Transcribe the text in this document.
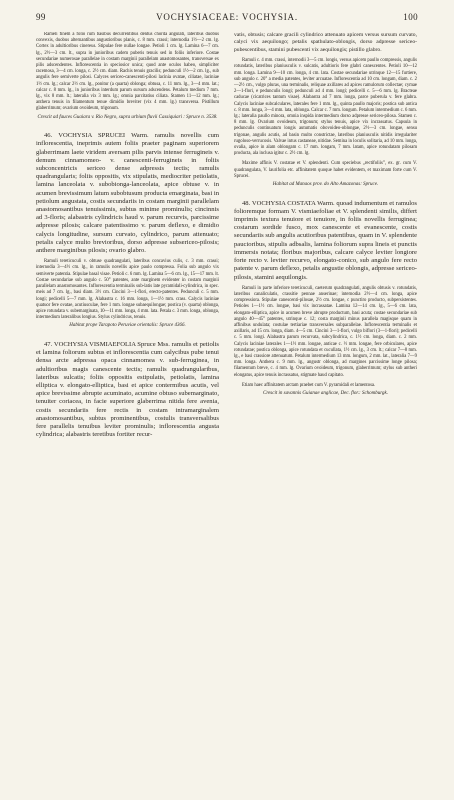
99	VOCHYSIACEAE: VOCHYSIA.	100

Rameli finem a folio rum basibus decurrentibus dentus chorda angulati, lateribus duobus convexis, duobus alternantibus angustioribus planis, c. 8 mm. crassi; internodia 1½—2 cm. lg. Cortex in adultioribus cinereus. Stipulae fere nullae longae. Petioli 1 cm. lg. Lamina 6—7 cm. lg., 2½—3 cm. lt., supra in junioribus cadem puberis tenuis sed in foliis inferiore. Costae secundariae numerosae parallelae in costam marginii parallelam anastomosantes, transversae ex pilis adscendentes. Inflorescentia in speciosior unica; quod ante oculos habeo, simpliciter racemosa, 3—4 cm. longa, c. 2½ cm. diam. Rachis tenuis gracilis; pedunculi 1½—2 cm. lg., sub angulis fere semiverte pilosi. Calyces sericeo-canescenti-pilosi lacinia ovatae, ciliatae, laciniae 1½ cm. lg.; calcar 2½ cm. lg., ponitur (a quarta) oblonga; obtusa, c. 11 mm. lg., 3—4 mm. lat.; calcar c. 8 mm. lg., in junioribus interdum parum sursum adscendens. Petalum medium 7 mm. lg., vix 8 mm. lt.; lateralia vix 3 mm. lg.; omnia parcitatius ciliata. Stamen 11—12 mm. lg.; anthera tenuis in filamentum tenue dimidio breviter (vix 4 mm. lg.) transversa. Pistillum glaberrimum; ovarium ovoideum, trigonum.

Crescit ad fauces Guaiara v. Rio Negro, supra urbium fluvii Cassiquiari : Spruce n. 3538.

46. VOCHYSIA SPRUCEI Warm. ramulis novellis cum inflorescentia, ineprimis autem foliis praeter paginam superiorem glaberrimam laete viridem aversam pilis parvis intense ferrugineis v. demum cinnamomeo- v. canescenti-ferrugineis in foliis subconcentricis sericeo dense adpressis tectis; ramulis quadrangularis; foliis oppositis, vix stipulatis, mediocriter petiolatis, lamina lanceolata v. subobionga-lanceolata, apice obtuse v. in acumen brevissimum latum subobtusum producta emarginata, basi in petiolum angustata, costis secundariis in costam marginii parallelam anastomosantibus tenuissimis, subtus minime prominulis; cincinnis ad 3-floris; alabastris cylindricis haud v. parum recurvis, parcissime adpresse pilosis; calcare patentissimo v. parum deflexo, e dimidio calycis longitudine, sursum curvato, cylindrico, parum attenuato; petalis calyce multo brevioribus, dorso adpresse subsericeo-pilosis; anthere marginibus pilosis; ovario glabro.

Ramuli tereticuculi v. obtuse quadrangulati, lateribus concavius culis, c. 3 mm. crassi; internodia 3—4½ cm. lg., in ramulis novellis apice paulo compressa. Folia sub angulo vix semiverte patentia. Stipulae basal visae. Petioli c. 6 mm. lg. Lamina 5—6 cm. lg., 15—17 mm. lt. Costae secundariae sub angulo c. 50° patentes, ante marginem evidenter in costam marginii parallelam anastomosantes. Inflorescentia terminalis sub-latis late pyramidali-cylindrica, in spec. meis ad 7 cm. lg., basi diam. 3½ cm. Cincini 3—1-flori, erecto-patentes. Pedunculi c. 5 mm. longi; pedicelli 5—7 mm. lg. Alabastra c. 16 mm. longa, 1—1½ mm. crass. Calycis laciniae quatuor fere ovatae, acutiusculae, fere 1 mm. longae subaequilongae; postica (v. quarta) oblonga, apice rotundata v. subemarginata, 10—11 mm. longa, 4 mm. lata. Petala c. 3 mm. longa, oblonga, intermedium lateralibus longius. Stylus cylindricus, tenuis.

Habitat prope Tarapoto Peruviae orientalis: Spruce 4366.

47. VOCHYSIA VISMIAEFOLIA Spruce Mss. ramulis et petiolis et lamina foliorum subtus et inflorescentia cum calycibus pube tenui densa arcte adpressa opaca cinnamomea v. sub-ferruginea, in adultioribus magis canescente tectis; ramulis quadrangularibus, lateribus sulcatis; foliis oppositis estipulatis, petiolatis, lamina elliptica v. elongato-elliptica, basi et apice contermibus acutis, vel apice brevissime abrupte acuminato, acumine obtuso subemarginato, tenuiter coriacea, in facie superiore glaberrima nitida fere avenia, costis secundariis fere rectis in costam intramarginalem anastomosantibus, subtus prominentibus, costulis transversalibus fere parallelis tenuibus leviter prominulis; inflorescentia angusta cylindrica; alabastris teretibus fortiter recur-

vatis, obtusis; calcare gracili cylindrico attenuato apicem versus sursum curvato, calyci vix aequilongo; petalis spathulato-oblongis, dorso adpresse sericeo-pubescentibus, stamini pubescenti vix aequilongis; pistillo glabro.

Ramuli c. 4 mm. crassi, internodii 3—5 cm. longis, versus apicem paullo compressis, angulis rotundatis, lateribus planiusculis v. sulcatis, adultioris fere glabri canescentes. Petioli 10—12 mm. longa. Lamina 9—10 cm. longa, 4 cm. lata. Costae secundariae utrinque 12—15 furtiere, sub angulo c. 20° a media patentes, leviter arcuatae. Inflorescentia ad 10 cm. longam, diam. c. 2—2½ cm., vulgo pluras, una terminalis, reliquae axillares ad apices ramulorum collectae; cymae 2—1-flori, e pedunculis longi; pedunculi ad 4 mm. longi; pedicelli c. 5—6 mm. lg. Bracteae caducae (cicatrices tantum visae). Alabastra ad 7 mm. longa, parce puberula v. fere glabra. Calycis laciniae subcalculares, laterales fere 1 mm. lg., quinta paullo majoris; postica sub antica c. 8 mm. longa, 3—4 mm. lata, oblonga. Calcar c. 7 mm. longum. Petalum intermedium c. 6 mm. lg.; lateralia paullo minora, omnia inspida intermedium dorso adpresse sericeo-pilosa. Stamen c. 8 mm. lg. Ovarium ovoideum, trigonum; stylus tenuis, apice vix incrassatus. Capsula in pedunculis continuatum longis autumatis obovoideo-oblongae, 2½—3 cm. longae, sensu trigonae, angulis acutis, ad basin multo constrictae, lateribus planiusculis nitidis irregulariter rugoloso-verrucosis. Valvae intus castaneae, nitidae. Semina in loculis solitaria, ad 10 mm. longa, ovalia, apice in alam oblongam c. 17 mm. longam, 7 mm. latam, apice rotundatam pilosam producta, ala inclusa igitur c. 2½ cm. lg.

Maxime affinis V. costatae et V. splendenti. Cum speciebus „rectifoliis”, ex. gr. cum V. quadrangulata, V. laurifolia etc. affinitatem quoque habet evidentem, et maximam forte cum V. Sprucei.

Habitat ad Manaos prov. do Alto Amazonas: Spruce.

48. VOCHYSIA COSTATA Warm. quoad indumentum et ramulos folioremque formam V. vismiaefoliae et V. splendenti similis, differt imprimis textura tenuiore et tenuiore, in foliis novellis ferruginea; costarum sordide fusco, mox canescente et evanescente, costis secundariis sub angulis acutioribus patentibus, quam in V. splendente paucioribus, stipulis adbsalis, lamina foliorum supra lineis et punctis immersis notata; floribus majoribus, calcare calyce leviter longiore forte recto v. leviter recurvo, elongato-conico, sub angulo fere recto patente v. parum deflexo, petalis angustie oblongis, adpresse sericeo-pilosis, stamini aequilongis.

Ramuli in parte inferiore tereticuculi, caeterum quadrangulati, angulis obtusis v. rotundatis, lateribus canaliculatis, crassitie pennae anserinae; internodia 2½—4 cm. longa, apice compressiora. Stipulae canescenti-pilosae, 2½ cm. longae, c punctiro producto, subpersistentes. Petioles 1—1½ cm. longae, basi vix incrassatae. Lamina 12—14 cm. lg., 5—6 cm. lata, elongato-elliptica, apice in acumen breve abrupte productum, basi acuta; costae secundariae sub angulo 40—45° patentes, utrinque c. 12; costa marginii minus parallela magisque quam in affinibus undulata; costulae tertiariae transversales subparallelae. Inflorescentia terminalis et axillaris, ad 15 cm. longa, diam. 4—5 cm. Cincini 3—1-flori, vulgo biflori (3—1-flori); pedicelli c. 5 mm. longi. Alabastra parum recurvata, subcylindrica, c. 1½ cm. longa, diam. c. 2 mm. Calycis laciniae laterales 1—1½ mm. longae, anticae c. ½ mm. longae, fere orbiculares, apice rotundatae; postica oblonga, apice rotundata et cucullata, 1½ cm. lg., 3 cm. lt.; calcar 7—8 mm. lg., e basi crassiore attenuatum. Petalum intermedium 13 mm. longum, 2 mm. lat., lateralia 7—9 mm. longa. Anthera c. 9 mm. lg., angustr oblonga, ad margines parcissime longe pilosa; filamentum breve, c. 4 mm. lg. Ovarium ovoideum, trigonum, glaberrimum; stylus sub antheri elongatus, apice tenuis incrassatus, stigmate haud capitato.

Etiam haec affinitatem arctam praebet cum V. pyramidali et lamentosa.

Crescit in savannis Guianae anglicae, Dec. flor.: Schomburgk.
